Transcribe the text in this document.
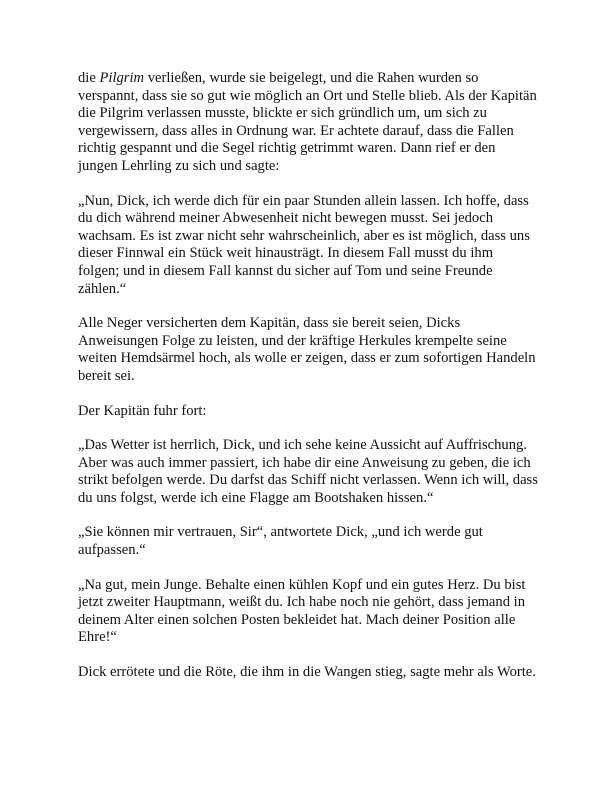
die Pilgrim verließen, wurde sie beigelegt, und die Rahen wurden so verspannt, dass sie so gut wie möglich an Ort und Stelle blieb. Als der Kapitän die Pilgrim verlassen musste, blickte er sich gründlich um, um sich zu vergewissern, dass alles in Ordnung war. Er achtete darauf, dass die Fallen richtig gespannt und die Segel richtig getrimmt waren. Dann rief er den jungen Lehrling zu sich und sagte:

„Nun, Dick, ich werde dich für ein paar Stunden allein lassen. Ich hoffe, dass du dich während meiner Abwesenheit nicht bewegen musst. Sei jedoch wachsam. Es ist zwar nicht sehr wahrscheinlich, aber es ist möglich, dass uns dieser Finnwal ein Stück weit hinausträgt. In diesem Fall musst du ihm folgen; und in diesem Fall kannst du sicher auf Tom und seine Freunde zählen.“

Alle Neger versicherten dem Kapitän, dass sie bereit seien, Dicks Anweisungen Folge zu leisten, und der kräftige Herkules krempelte seine weiten Hemdsärmel hoch, als wolle er zeigen, dass er zum sofortigen Handeln bereit sei.

Der Kapitän fuhr fort:

„Das Wetter ist herrlich, Dick, und ich sehe keine Aussicht auf Auffrischung. Aber was auch immer passiert, ich habe dir eine Anweisung zu geben, die ich strikt befolgen werde. Du darfst das Schiff nicht verlassen. Wenn ich will, dass du uns folgst, werde ich eine Flagge am Bootshaken hissen.“

„Sie können mir vertrauen, Sir“, antwortete Dick, „und ich werde gut aufpassen.“

„Na gut, mein Junge. Behalte einen kühlen Kopf und ein gutes Herz. Du bist jetzt zweiter Hauptmann, weißt du. Ich habe noch nie gehört, dass jemand in deinem Alter einen solchen Posten bekleidet hat. Mach deiner Position alle Ehre!“

Dick errötete und die Röte, die ihm in die Wangen stieg, sagte mehr als Worte.
